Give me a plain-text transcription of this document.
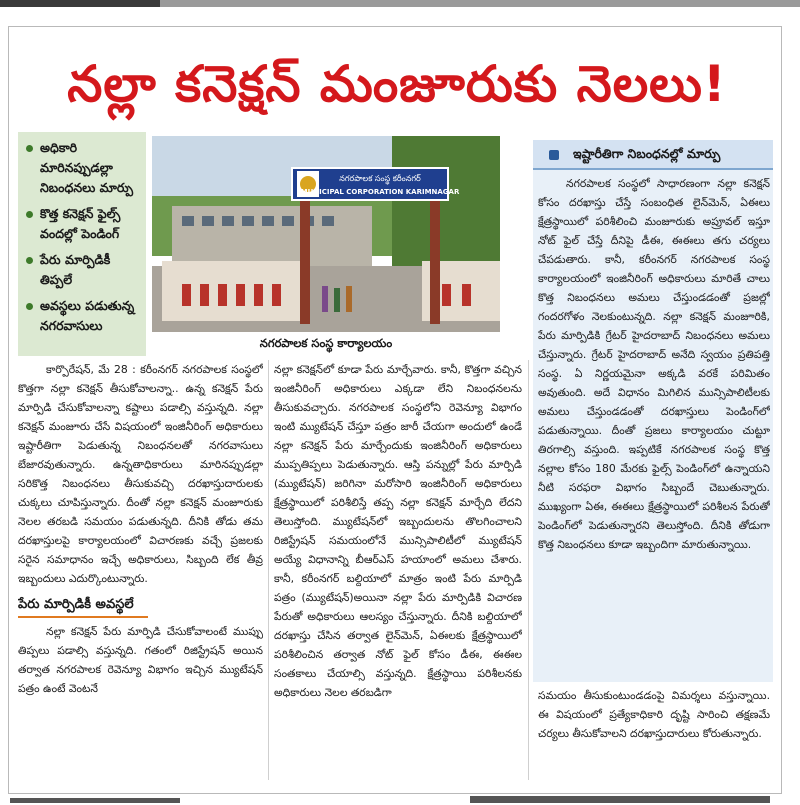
నల్లా కనెక్షన్ మంజూరుకు నెలలు!
అధికారి మారినప్పుడల్లా నిబంధనలు మార్పు
కొత్త కనెక్షన్ ఫైల్స్ వందల్లో పెండింగ్
పేరు మార్పిడికీ తిప్పలే
అవస్థలు పడుతున్న నగరవాసులు
నగరపాలక సంస్థ కరీంనగర్
MUNICIPAL CORPORATION KARIMNAGAR
నగరపాలక సంస్థ కార్యాలయం
ఇష్టారీతిగా నిబంధనల్లో మార్పు

నగరపాలక సంస్థలో సాధారణంగా నల్లా కనెక్షన్ కోసం దరఖాస్తు చేస్తే సంబంధిత లైన్‌మెన్, ఏఈలు క్షేత్రస్థాయిలో పరిశీలించి మంజూరుకు అప్రూవల్ ఇస్తూ నోట్ ఫైల్ చేస్తే దీనిపై డీఈ, ఈఈలు తగు చర్యలు చేపడుతారు. కానీ, కరీంనగర్ నగరపాలక సంస్థ కార్యాలయంలో ఇంజినీరింగ్ అధికారులు మారితే చాలు కొత్త నిబంధనలు అమలు చేస్తుండడంతో ప్రజల్లో గందరగోళం నెలకుంటున్నది. నల్లా కనెక్షన్ మంజూరికి, పేరు మార్పిడికి గ్రేటర్ హైదరాబాద్ నిబంధనలు అమలు చేస్తున్నారు. గ్రేటర్ హైదరాబాద్ అనేది స్వయం ప్రతిపత్తి సంస్థ. ఏ నిర్ణయమైనా అక్కడి వరకే పరిమితం అవుతుంది. అదే విధానం మిగిలిన మున్సిపాలిటీలకు అమలు చేస్తుండడంతో దరఖాస్తులు పెండింగ్‌లో పడుతున్నాయి. దీంతో ప్రజలు కార్యాలయం చుట్టూ తిరగాల్సి వస్తుంది. ఇప్పటికే నగరపాలక సంస్థ కొత్త నల్లాల కోసం 180 మేరకు ఫైల్స్ పెండింగ్‌లో ఉన్నాయని నీటి సరఫరా విభాగం సిబ్బందే చెబుతున్నారు. ముఖ్యంగా ఏఈ, ఈఈలు క్షేత్రస్థాయిలో పరిశీలన పేరుతో పెండింగ్‌లో పెడుతున్నారని తెలుస్తోంది. దీనికి తోడుగా కొత్త నిబంధనలు కూడా ఇబ్బందిగా మారుతున్నాయి.

కార్పొరేషన్, మే 28 : కరీంనగర్ నగరపాలక సంస్థలో కొత్తగా నల్లా కనెక్షన్ తీసుకోవాలన్నా.. ఉన్న కనెక్షన్ పేరు మార్పిడి చేసుకోవాలన్నా కష్టాలు పడాల్సి వస్తున్నది. నల్లా కనెక్షన్ మంజూరు చేసే విషయంలో ఇంజినీరింగ్ అధికారులు ఇష్టారీతిగా పెడుతున్న నిబంధనలతో నగరవాసులు బేజారవుతున్నారు. ఉన్నతాధికారులు మారినప్పుడల్లా సరికొత్త నిబంధనలు తీసుకువచ్చి దరఖాస్తుదారులకు చుక్కలు చూపిస్తున్నారు. దీంతో నల్లా కనెక్షన్ మంజూరుకు నెలల తరబడి సమయం పడుతున్నది. దీనికి తోడు తమ దరఖాస్తులపై కార్యాలయంలో విచారణకు వచ్చే ప్రజలకు సరైన సమాధానం ఇచ్చే అధికారులు, సిబ్బంది లేక తీవ్ర ఇబ్బందులు ఎదుర్కొంటున్నారు.

పేరు మార్పిడికీ అవస్థలే

నల్లా కనెక్షన్ పేరు మార్పిడి చేసుకోవాలంటే ముప్పు తిప్పలు పడాల్సి వస్తున్నది. గతంలో రిజిస్ట్రేషన్ అయిన తర్వాత నగరపాలక రెవెన్యూ విభాగం ఇచ్చిన మ్యుటేషన్ పత్రం ఉంటే వెంటనే

నల్లా కనెక్షన్‌లో కూడా పేరు మార్చేవారు. కానీ, కొత్తగా వచ్చిన ఇంజినీరింగ్ అధికారులు ఎక్కడా లేని నిబంధనలను తీసుకువచ్చారు. నగరపాలక సంస్థలోని రెవెన్యూ విభాగం ఇంటి మ్యుటేషన్ చేస్తూ పత్రం జారీ చేయగా అందులో ఉండే నల్లా కనెక్షన్ పేరు మార్చేందుకు ఇంజినీరింగ్ అధికారులు ముప్పతిప్పలు పెడుతున్నారు. ఆస్తి పన్నుల్లో పేరు మార్పిడి (మ్యుటేషన్) జరిగినా మరోసారి ఇంజినీరింగ్ అధికారులు క్షేత్రస్థాయిలో పరిశీలిస్తే తప్ప నల్లా కనెక్షన్ మార్చేది లేదని తెలుస్తోంది. మ్యుటేషన్‌లో ఇబ్బందులను తొలగించాలని రిజిస్ట్రేషన్ సమయంలోనే మున్సిపాలిటీలో మ్యుటేషన్ అయ్యే విధానాన్ని బీఆర్ఎస్ హయాంలో అమలు చేశారు. కానీ, కరీంనగర్ బల్దియాలో మాత్రం ఇంటి పేరు మార్పిడి పత్రం (మ్యుటేషన్)అయినా నల్లా పేరు మార్పిడికి విచారణ పేరుతో అధికారులు ఆలస్యం చేస్తున్నారు. దీనికి బల్దియాలో దరఖాస్తు చేసిన తర్వాత లైన్‌మెన్, ఏఈలకు క్షేత్రస్థాయిలో పరిశీలించిన తర్వాత నోట్ ఫైల్ కోసం డీఈ, ఈఈల సంతకాలు చేయాల్సి వస్తున్నది. క్షేత్రస్థాయి పరిశీలనకు అధికారులు నెలల తరబడిగా	సమయం తీసుకుంటుండడంపై విమర్శలు వస్తున్నాయి. ఈ విషయంలో ప్రత్యేకాధికారి దృష్టి సారించి తక్షణమే చర్యలు తీసుకోవాలని దరఖాస్తుదారులు కోరుతున్నారు.
